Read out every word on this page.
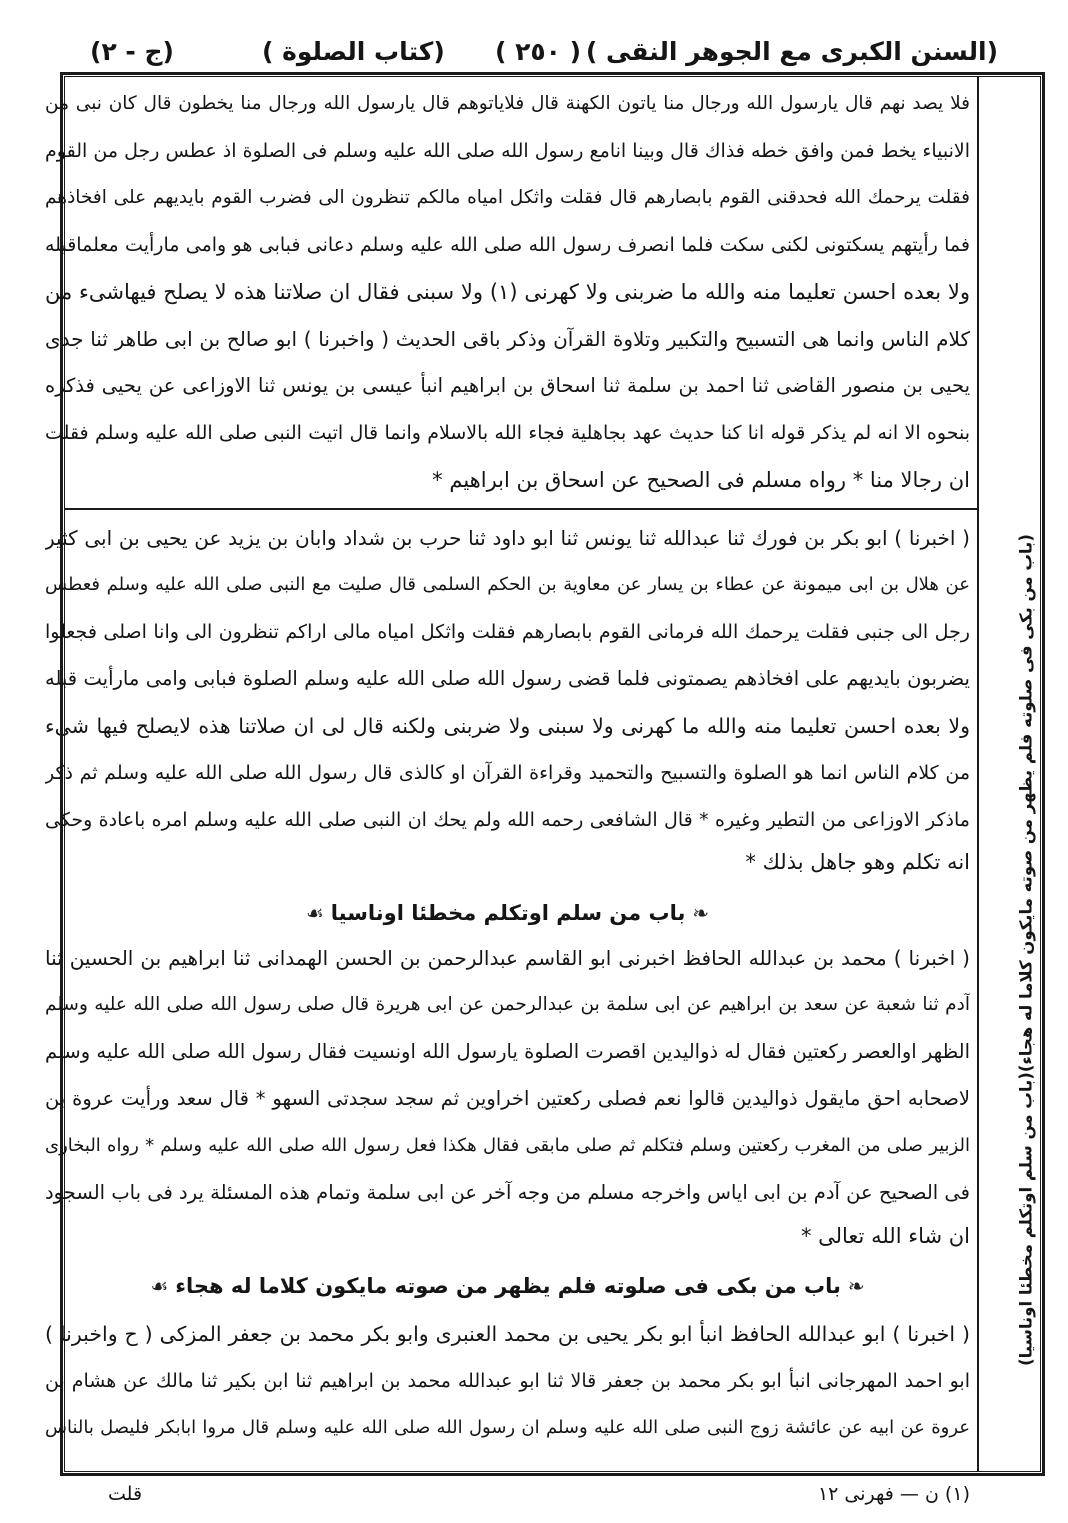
(السنن الكبرى مع الجوهر النقى )
( ٢٥٠ )
(كتاب الصلوة )
(ج - ٢)
فلا يصد نهم قال يارسول الله ورجال منا ياتون الكهنة قال فلاياتوهم قال يارسول الله ورجال منا يخطون قال كان نبى من
الانبياء يخط فمن وافق خطه فذاك قال وبينا انامع رسول الله صلى الله عليه وسلم فى الصلوة اذ عطس رجل من القوم
فقلت يرحمك الله فحدقنى القوم بابصارهم قال فقلت واثكل امياه مالكم تنظرون الى فضرب القوم بايديهم على افخاذهم
فما رأيتهم يسكتونى لكنى سكت فلما انصرف رسول الله صلى الله عليه وسلم دعانى فبابى هو وامى مارأيت معلماقبله
ولا بعده احسن تعليما منه والله ما ضربنى ولا كهرنى (١) ولا سبنى فقال ان صلاتنا هذه لا يصلح فيهاشىء من
كلام الناس وانما هى التسبيح والتكبير وتلاوة القرآن وذكر باقى الحديث ( واخبرنا ) ابو صالح بن ابى طاهر ثنا جدى
يحيى بن منصور القاضى ثنا احمد بن سلمة ثنا اسحاق بن ابراهيم انبأ عيسى بن يونس ثنا الاوزاعى عن يحيى فذكره
بنحوه الا انه لم يذكر قوله انا كنا حديث عهد بجاهلية فجاء الله بالاسلام وانما قال اتيت النبى صلى الله عليه وسلم فقلت
ان رجالا منا * رواه مسلم فى الصحيح عن اسحاق بن ابراهيم *
( اخبرنا ) ابو بكر بن فورك ثنا عبدالله ثنا يونس ثنا ابو داود ثنا حرب بن شداد وابان بن يزيد عن يحيى بن ابى كثير
عن هلال بن ابى ميمونة عن عطاء بن يسار عن معاوية بن الحكم السلمى قال صليت مع النبى صلى الله عليه وسلم فعطس
رجل الى جنبى فقلت يرحمك الله فرمانى القوم بابصارهم فقلت واثكل امياه مالى اراكم تنظرون الى وانا اصلى فجعلوا
يضربون بايديهم على افخاذهم يصمتونى فلما قضى رسول الله صلى الله عليه وسلم الصلوة فبابى وامى مارأيت قبله
ولا بعده احسن تعليما منه والله ما كهرنى ولا سبنى ولا ضربنى ولكنه قال لى ان صلاتنا هذه لايصلح فيها شىء
من كلام الناس انما هو الصلوة والتسبيح والتحميد وقراءة القرآن او كالذى قال رسول الله صلى الله عليه وسلم ثم ذكر
ماذكر الاوزاعى من التطير وغيره * قال الشافعى رحمه الله ولم يحك ان النبى صلى الله عليه وسلم امره باعادة وحكى
انه تكلم وهو جاهل بذلك *
❧ باب من سلم اوتكلم مخطئا اوناسيا ☙
( اخبرنا ) محمد بن عبدالله الحافظ اخبرنى ابو القاسم عبدالرحمن بن الحسن الهمدانى ثنا ابراهيم بن الحسين ثنا
آدم ثنا شعبة عن سعد بن ابراهيم عن ابى سلمة بن عبدالرحمن عن ابى هريرة قال صلى رسول الله صلى الله عليه وسلم
الظهر اوالعصر ركعتين فقال له ذواليدين اقصرت الصلوة يارسول الله اونسيت فقال رسول الله صلى الله عليه وسلم
لاصحابه احق مايقول ذواليدين قالوا نعم فصلى ركعتين اخراوين ثم سجد سجدتى السهو * قال سعد ورأيت عروة بن
الزبير صلى من المغرب ركعتين وسلم فتكلم ثم صلى مابقى فقال هكذا فعل رسول الله صلى الله عليه وسلم * رواه البخارى
فى الصحيح عن آدم بن ابى اياس واخرجه مسلم من وجه آخر عن ابى سلمة وتمام هذه المسئلة يرد فى باب السجود
ان شاء الله تعالى *
❧ باب من بكى فى صلوته فلم يظهر من صوته مايكون كلاما له هجاء ☙
( اخبرنا ) ابو عبدالله الحافظ انبأ ابو بكر يحيى بن محمد العنبرى وابو بكر محمد بن جعفر المزكى ( ح واخبرنا )
ابو احمد المهرجانى انبأ ابو بكر محمد بن جعفر قالا ثنا ابو عبدالله محمد بن ابراهيم ثنا ابن بكير ثنا مالك عن هشام بن
عروة عن ابيه عن عائشة زوج النبى صلى الله عليه وسلم ان رسول الله صلى الله عليه وسلم قال مروا ابابكر فليصل بالناس
(باب من بكى فى صلوته فلم يظهر من صوته مايكون كلاما له هجاء)(باب من سلم اوتكلم مخطئا اوناسيا)
(١) ن — فهرنى ١٢
قلت
